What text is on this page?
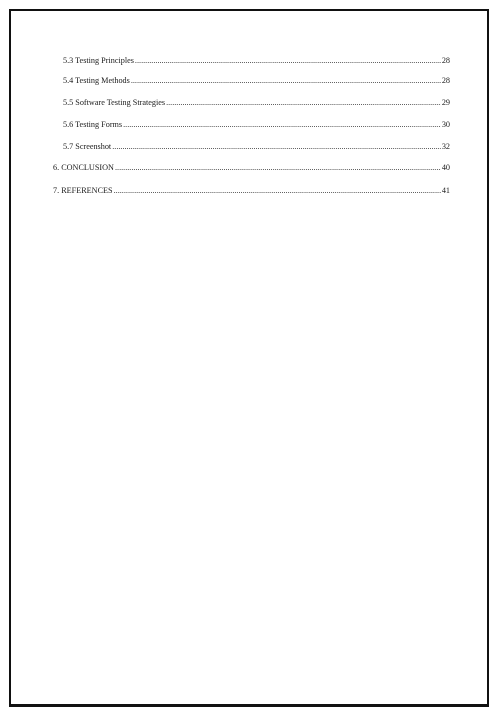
5.3 Testing Principles .....	28
5.4 Testing Methods .....	28
5.5 Software Testing Strategies .....	29
5.6 Testing Forms .....	30
5.7 Screenshot .....	32
6. CONCLUSION .....	40
7. REFERENCES .....	41
